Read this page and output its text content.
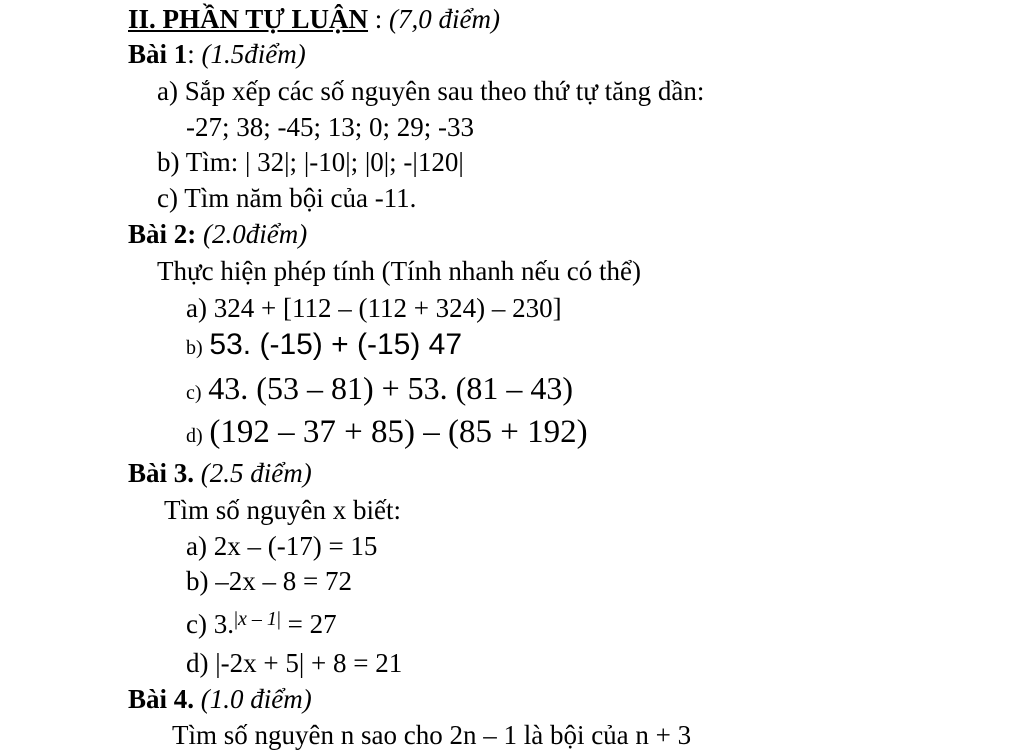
II. PHẦN TỰ LUẬN : (7,0 điểm)
Bài 1: (1.5điểm)
a) Sắp xếp các số nguyên sau theo thứ tự tăng dần:
-27; 38; -45; 13; 0; 29; -33
b) Tìm: | 32|; |-10|; |0|; -|120|
c) Tìm năm bội của -11.
Bài 2: (2.0điểm)
Thực hiện phép tính (Tính nhanh nếu có thể)
a) 324 + [112 – (112 + 324) – 230]
b) 53. (-15) + (-15) 47
c) 43. (53 – 81) + 53. (81 – 43)
d) (192 – 37 + 85) – (85 + 192)
Bài 3. (2.5 điểm)
Tìm số nguyên x biết:
a) 2x – (-17) = 15
b) –2x – 8 = 72
c) 3.|x – 1| = 27
d) |-2x + 5| + 8 = 21
Bài 4. (1.0 điểm)
Tìm số nguyên n sao cho 2n – 1 là bội của n + 3
